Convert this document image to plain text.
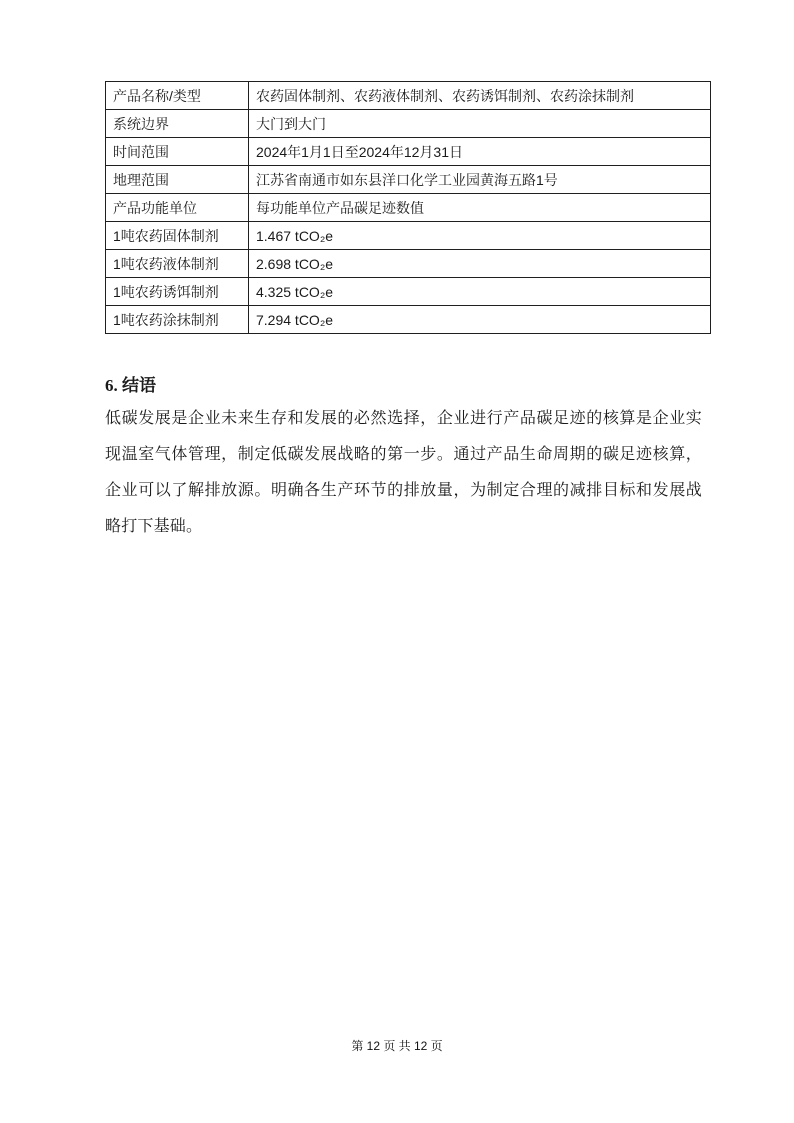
产品名称/类型	农药固体制剂、农药液体制剂、农药诱饵制剂、农药涂抹制剂
系统边界	大门到大门
时间范围	2024年1月1日至2024年12月31日
地理范围	江苏省南通市如东县洋口化学工业园黄海五路1号
产品功能单位	每功能单位产品碳足迹数值
1吨农药固体制剂	1.467 tCO₂e
1吨农药液体制剂	2.698 tCO₂e
1吨农药诱饵制剂	4.325 tCO₂e
1吨农药涂抹制剂	7.294 tCO₂e
6. 结语
低碳发展是企业未来生存和发展的必然选择，企业进行产品碳足迹的核算是企业实现温室气体管理，制定低碳发展战略的第一步。通过产品生命周期的碳足迹核算，企业可以了解排放源。明确各生产环节的排放量，为制定合理的减排目标和发展战略打下基础。
第 12 页 共 12 页
